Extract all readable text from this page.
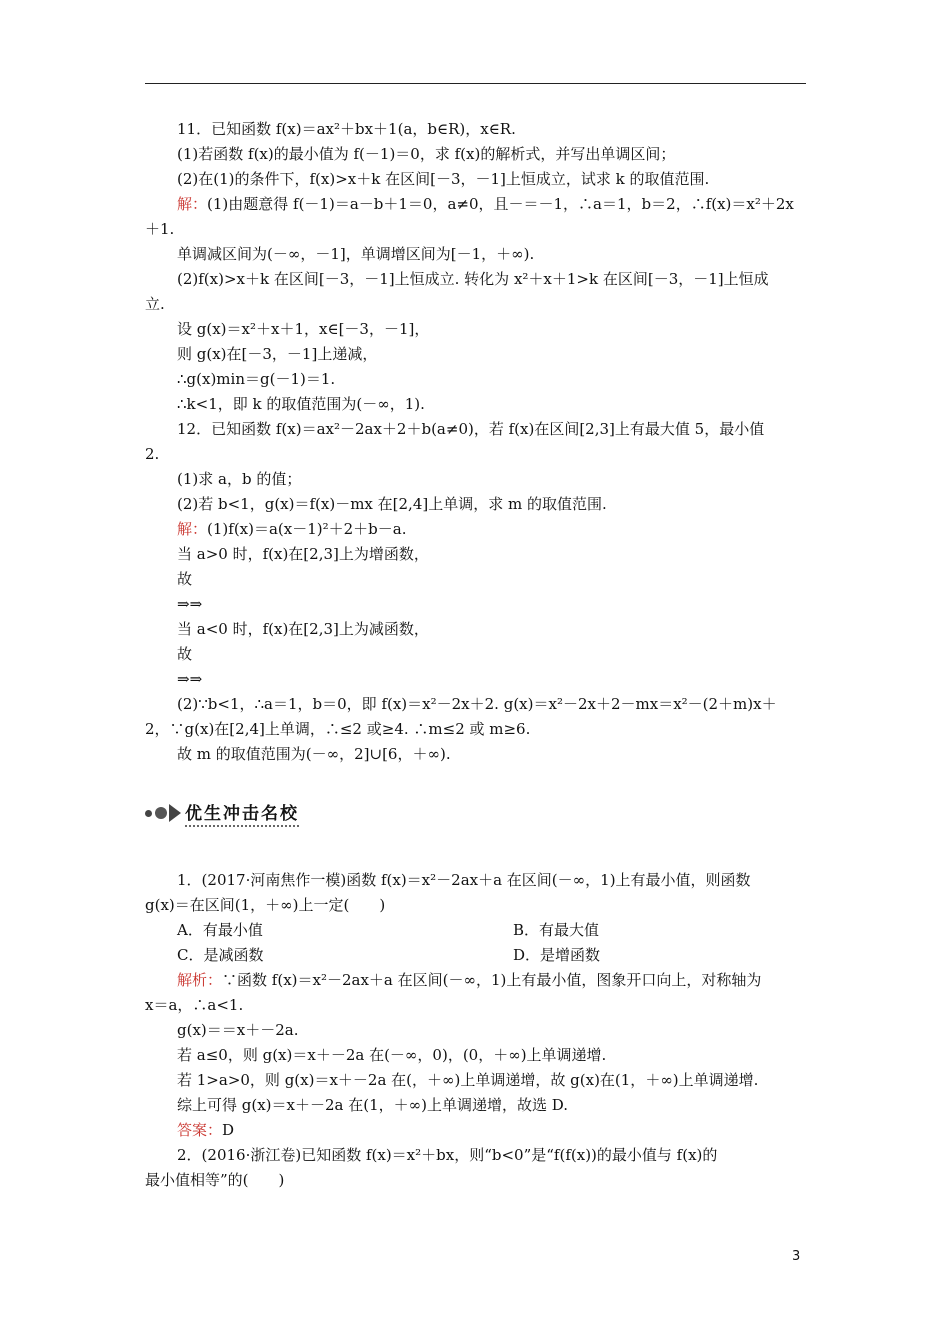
11．已知函数 f(x)＝ax²＋bx＋1(a，b∈R)，x∈R.
(1)若函数 f(x)的最小值为 f(－1)＝0，求 f(x)的解析式，并写出单调区间；
(2)在(1)的条件下，f(x)>x＋k 在区间[－3，－1]上恒成立，试求 k 的取值范围.
解：(1)由题意得 f(－1)＝a－b＋1＝0，a≠0，且－＝－1，∴a＝1，b＝2，∴f(x)＝x²＋2x
＋1.
单调减区间为(－∞，－1]，单调增区间为[－1，＋∞).
(2)f(x)>x＋k 在区间[－3，－1]上恒成立. 转化为 x²＋x＋1>k 在区间[－3，－1]上恒成
立.
设 g(x)＝x²＋x＋1，x∈[－3，－1]，
则 g(x)在[－3，－1]上递减，
∴g(x)min＝g(－1)＝1.
∴k<1，即 k 的取值范围为(－∞，1).
12．已知函数 f(x)＝ax²－2ax＋2＋b(a≠0)，若 f(x)在区间[2,3]上有最大值 5，最小值
2.
(1)求 a，b 的值；
(2)若 b<1，g(x)＝f(x)－mx 在[2,4]上单调，求 m 的取值范围.
解：(1)f(x)＝a(x－1)²＋2＋b－a.
当 a>0 时，f(x)在[2,3]上为增函数，
故
⇒⇒
当 a<0 时，f(x)在[2,3]上为减函数，
故
⇒⇒
(2)∵b<1，∴a＝1，b＝0，即 f(x)＝x²－2x＋2. g(x)＝x²－2x＋2－mx＝x²－(2＋m)x＋
2，∵g(x)在[2,4]上单调，∴≤2 或≥4. ∴m≤2 或 m≥6.
故 m 的取值范围为(－∞，2]∪[6，＋∞).
1．(2017·河南焦作一模)函数 f(x)＝x²－2ax＋a 在区间(－∞，1)上有最小值，则函数
g(x)＝在区间(1，＋∞)上一定(　　)
A．有最小值	B．有最大值
C．是减函数	D．是增函数
解析：∵函数 f(x)＝x²－2ax＋a 在区间(－∞，1)上有最小值，图象开口向上，对称轴为
x＝a，∴a<1.
g(x)＝＝x＋－2a.
若 a≤0，则 g(x)＝x＋－2a 在(－∞，0)，(0，＋∞)上单调递增.
若 1>a>0，则 g(x)＝x＋－2a 在(，＋∞)上单调递增，故 g(x)在(1，＋∞)上单调递增.
综上可得 g(x)＝x＋－2a 在(1，＋∞)上单调递增，故选 D.
答案：D
2．(2016·浙江卷)已知函数 f(x)＝x²＋bx，则“b<0”是“f(f(x))的最小值与 f(x)的
最小值相等”的(　　)
优生冲击名校
3
